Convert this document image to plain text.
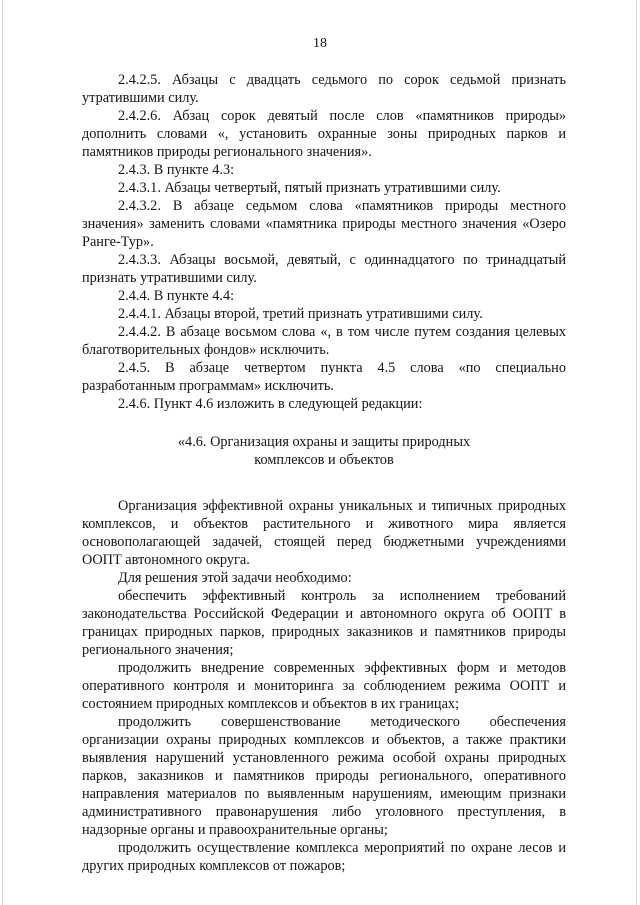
18

2.4.2.5. Абзацы с двадцать седьмого по сорок седьмой признать утратившими силу.

2.4.2.6. Абзац сорок девятый после слов «памятников природы» дополнить словами «, установить охранные зоны природных парков и памятников природы регионального значения».

2.4.3. В пункте 4.3:

2.4.3.1. Абзацы четвертый, пятый признать утратившими силу.

2.4.3.2. В абзаце седьмом слова «памятников природы местного значения» заменить словами «памятника природы местного значения «Озеро Ранге-Тур».

2.4.3.3. Абзацы восьмой, девятый, с одиннадцатого по тринадцатый признать утратившими силу.

2.4.4. В пункте 4.4:

2.4.4.1. Абзацы второй, третий признать утратившими силу.

2.4.4.2. В абзаце восьмом слова «, в том числе путем создания целевых благотворительных фондов» исключить.

2.4.5. В абзаце четвертом пункта 4.5 слова «по специально разработанным программам» исключить.

2.4.6. Пункт 4.6 изложить в следующей редакции:

«4.6. Организация охраны и защиты природных
комплексов и объектов

Организация эффективной охраны уникальных и типичных природных комплексов, и объектов растительного и животного мира является основополагающей задачей, стоящей перед бюджетными учреждениями ООПТ автономного округа.

Для решения этой задачи необходимо:

обеспечить эффективный контроль за исполнением требований законодательства Российской Федерации и автономного округа об ООПТ в границах природных парков, природных заказников и памятников природы регионального значения;

продолжить внедрение современных эффективных форм и методов оперативного контроля и мониторинга за соблюдением режима ООПТ и состоянием природных комплексов и объектов в их границах;

продолжить совершенствование методического обеспечения организации охраны природных комплексов и объектов, а также практики выявления нарушений установленного режима особой охраны природных парков, заказников и памятников природы регионального, оперативного направления материалов по выявленным нарушениям, имеющим признаки административного правонарушения либо уголовного преступления, в надзорные органы и правоохранительные органы;

продолжить осуществление комплекса мероприятий по охране лесов и других природных комплексов от пожаров;
